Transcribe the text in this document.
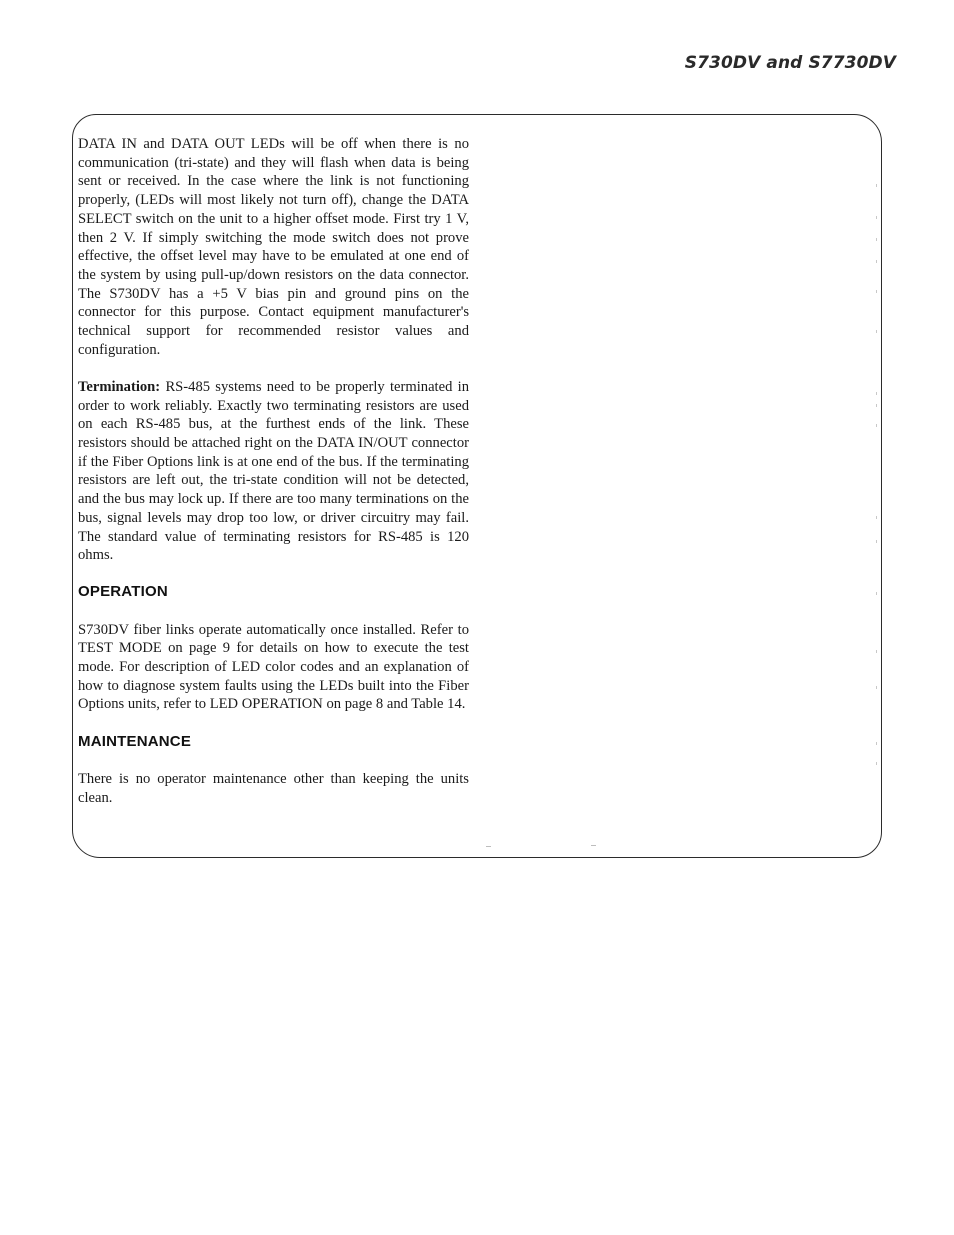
S730DV and S7730DV

DATA IN and DATA OUT LEDs will be off when there is no communication (tri-state) and they will flash when data is being sent or received. In the case where the link is not functioning properly, (LEDs will most likely not turn off), change the DATA SELECT switch on the unit to a higher offset mode. First try 1 V, then 2 V. If simply switching the mode switch does not prove effective, the offset level may have to be emulated at one end of the system by using pull-up/down resistors on the data connector. The S730DV has a +5 V bias pin and ground pins on the connector for this purpose. Contact equipment manufacturer's technical support for recommended resistor values and configuration.

Termination: RS-485 systems need to be properly terminated in order to work reliably. Exactly two terminating resistors are used on each RS-485 bus, at the furthest ends of the link. These resistors should be attached right on the DATA IN/OUT connector if the Fiber Options link is at one end of the bus. If the terminating resistors are left out, the tri-state condition will not be detected, and the bus may lock up. If there are too many terminations on the bus, signal levels may drop too low, or driver circuitry may fail. The standard value of terminating resistors for RS-485 is 120 ohms.

OPERATION

S730DV fiber links operate automatically once installed. Refer to TEST MODE on page 9 for details on how to execute the test mode. For description of LED color codes and an explanation of how to diagnose system faults using the LEDs built into the Fiber Options units, refer to LED OPERATION on page 8 and Table 14.

MAINTENANCE

There is no operator maintenance other than keeping the units clean.
